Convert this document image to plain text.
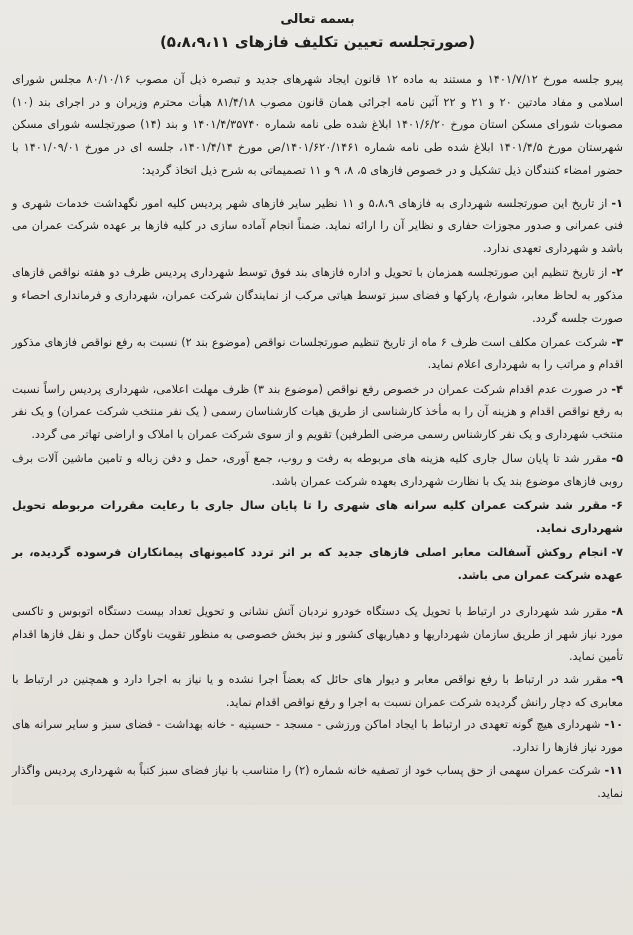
بسمه تعالی
(صورتجلسه تعیین تکلیف فازهای ۵،۸،۹،۱۱)

پیرو جلسه مورخ ۱۴۰۱/۷/۱۲ و مستند به ماده ۱۲ قانون ایجاد شهرهای جدید و تبصره ذیل آن مصوب ۸۰/۱۰/۱۶ مجلس شورای اسلامی و مفاد مادتین ۲۰ و ۲۱ و ۲۲ آئین نامه اجرائی همان قانون مصوب ۸۱/۴/۱۸ هیأت محترم وزیران و در اجرای بند (۱۰) مصوبات شورای مسکن استان مورخ ۱۴۰۱/۶/۲۰ ابلاغ شده طی نامه شماره ۱۴۰۱/۴/۳۵۷۴۰ و بند (۱۴) صورتجلسه شورای مسکن شهرستان مورخ ۱۴۰۱/۴/۵ ابلاغ شده طی نامه شماره ۱۴۰۱/۶۲۰/۱۴۶۱/ص مورخ ۱۴۰۱/۴/۱۴، جلسه ای در مورخ ۱۴۰۱/۰۹/۰۱ با حضور امضاء کنندگان ذیل تشکیل و در خصوص فازهای ۵، ۸، ۹ و ۱۱ تصمیماتی به شرح ذیل اتخاذ گردید:

۱-از تاریخ این صورتجلسه شهرداری به فازهای ۵،۸،۹ و ۱۱ نظیر سایر فازهای شهر پردیس کلیه امور نگهداشت خدمات شهری و فنی عمرانی و صدور مجوزات حفاری و نظایر آن را ارائه نماید. ضمناً انجام آماده سازی در کلیه فازها بر عهده شرکت عمران می باشد و شهرداری تعهدی ندارد.

۲-از تاریخ تنظیم این صورتجلسه همزمان با تحویل و اداره فازهای بند فوق توسط شهرداری پردیس ظرف دو هفته نواقص فازهای مذکور به لحاظ معابر، شوارع، پارکها و فضای سبز توسط هیاتی مرکب از نمایندگان شرکت عمران، شهرداری و فرمانداری احصاء و صورت جلسه گردد.

۳-شرکت عمران مکلف است ظرف ۶ ماه از تاریخ تنظیم صورتجلسات نواقص (موضوع بند ۲) نسبت به رفع نواقص فازهای مذکور اقدام و مراتب را به شهرداری اعلام نماید.

۴-در صورت عدم اقدام شرکت عمران در خصوص رفع نواقص (موضوع بند ۳) ظرف مهلت اعلامی، شهرداری پردیس راساً نسبت به رفع نواقص اقدام و هزینه آن را به مأخذ کارشناسی از طریق هیات کارشناسان رسمی ( یک نفر منتخب شرکت عمران) و یک نفر منتخب شهرداری و یک نفر کارشناس رسمی مرضی الطرفین) تقویم و از سوی شرکت عمران با املاک و اراضی تهاتر می گردد.

۵-مقرر شد تا پایان سال جاری کلیه هزینه های مربوطه به رفت و روب، جمع آوری، حمل و دفن زباله و تامین ماشین آلات برف روبی فازهای موضوع بند یک با نظارت شهرداری بعهده شرکت عمران باشد.

۶-مقرر شد شرکت عمران کلیه سرانه های شهری را تا پایان سال جاری با رعایت مقررات مربوطه تحویل شهرداری نماید.

۷-انجام روکش آسفالت معابر اصلی فازهای جدید که بر اثر تردد کامیونهای پیمانکاران فرسوده گردیده، بر عهده شرکت عمران می باشد.

۸-مقرر شد شهرداری در ارتباط با تحویل یک دستگاه خودرو نردبان آتش نشانی و تحویل تعداد بیست دستگاه اتوبوس و تاکسی مورد نیاز شهر از طریق سازمان شهرداریها و دهیاریهای کشور و نیز بخش خصوصی به منظور تقویت ناوگان حمل و نقل فازها اقدام تأمین نماید.

۹-مقرر شد در ارتباط با رفع نواقص معابر و دیوار های حائل که بعضاً اجرا نشده و یا نیاز به اجرا دارد و همچنین در ارتباط با معابری که دچار رانش گردیده شرکت عمران نسبت به اجرا و رفع نواقص اقدام نماید.

۱۰-شهرداری هیچ گونه تعهدی در ارتباط با ایجاد اماکن ورزشی - مسجد - حسینیه - خانه بهداشت - فضای سبز و سایر سرانه های مورد نیاز فازها را ندارد.

۱۱-شرکت عمران سهمی از حق پساب خود از تصفیه خانه شماره (۲) را متناسب با نیاز فضای سبز کتباً به شهرداری پردیس واگذار نماید.
